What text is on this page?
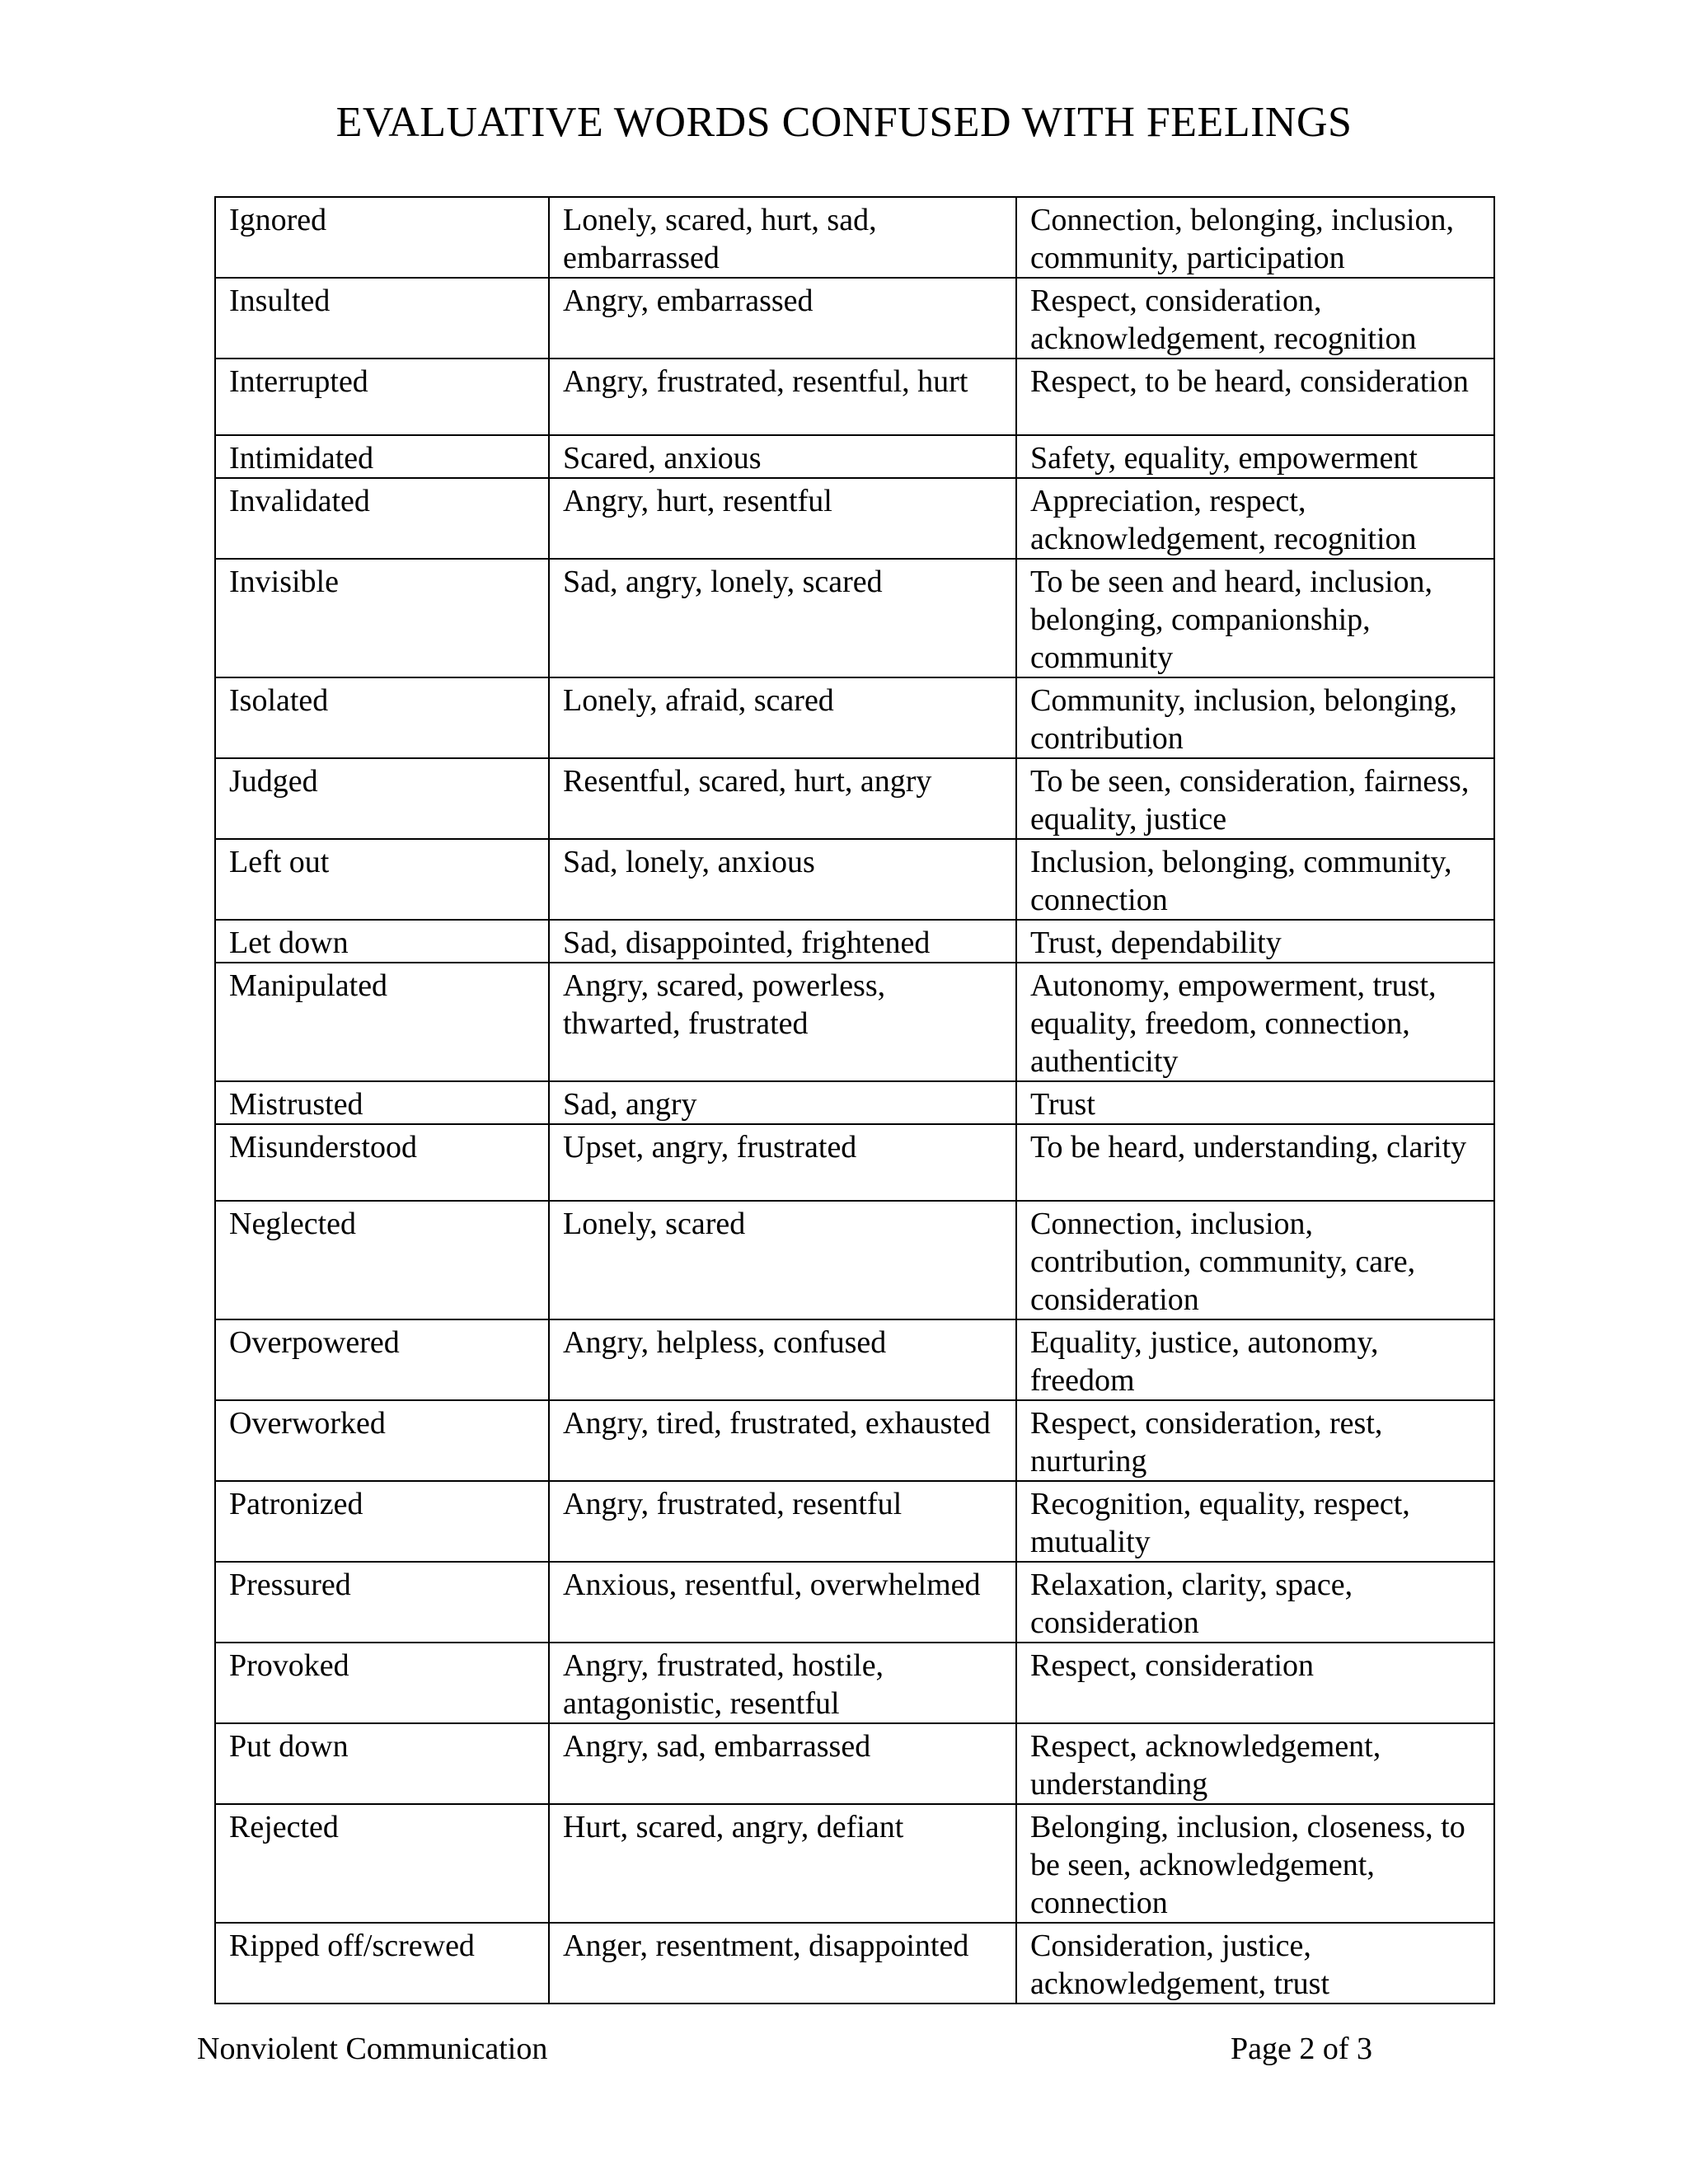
EVALUATIVE WORDS CONFUSED WITH FEELINGS
Ignored	Lonely, scared, hurt, sad, embarrassed	Connection, belonging, inclusion, community, participation
Insulted	Angry, embarrassed	Respect, consideration, acknowledgement, recognition
Interrupted	Angry, frustrated, resentful, hurt	Respect, to be heard, consideration
Intimidated	Scared, anxious	Safety, equality, empowerment
Invalidated	Angry, hurt, resentful	Appreciation, respect, acknowledgement, recognition
Invisible	Sad, angry, lonely, scared	To be seen and heard, inclusion, belonging, companionship, community
Isolated	Lonely, afraid, scared	Community, inclusion, belonging, contribution
Judged	Resentful, scared, hurt, angry	To be seen, consideration, fairness, equality, justice
Left out	Sad, lonely, anxious	Inclusion, belonging, community, connection
Let down	Sad, disappointed, frightened	Trust, dependability
Manipulated	Angry, scared, powerless, thwarted, frustrated	Autonomy, empowerment, trust, equality, freedom, connection, authenticity
Mistrusted	Sad, angry	Trust
Misunderstood	Upset, angry, frustrated	To be heard, understanding, clarity
Neglected	Lonely, scared	Connection, inclusion, contribution, community, care, consideration
Overpowered	Angry, helpless, confused	Equality, justice, autonomy, freedom
Overworked	Angry, tired, frustrated, exhausted	Respect, consideration, rest, nurturing
Patronized	Angry, frustrated, resentful	Recognition, equality, respect, mutuality
Pressured	Anxious, resentful, overwhelmed	Relaxation, clarity, space, consideration
Provoked	Angry, frustrated, hostile, antagonistic, resentful	Respect, consideration
Put down	Angry, sad, embarrassed	Respect, acknowledgement, understanding
Rejected	Hurt, scared, angry, defiant	Belonging, inclusion, closeness, to be seen, acknowledgement, connection
Ripped off/screwed	Anger, resentment, disappointed	Consideration, justice, acknowledgement, trust
Nonviolent Communication	Page 2 of 3
